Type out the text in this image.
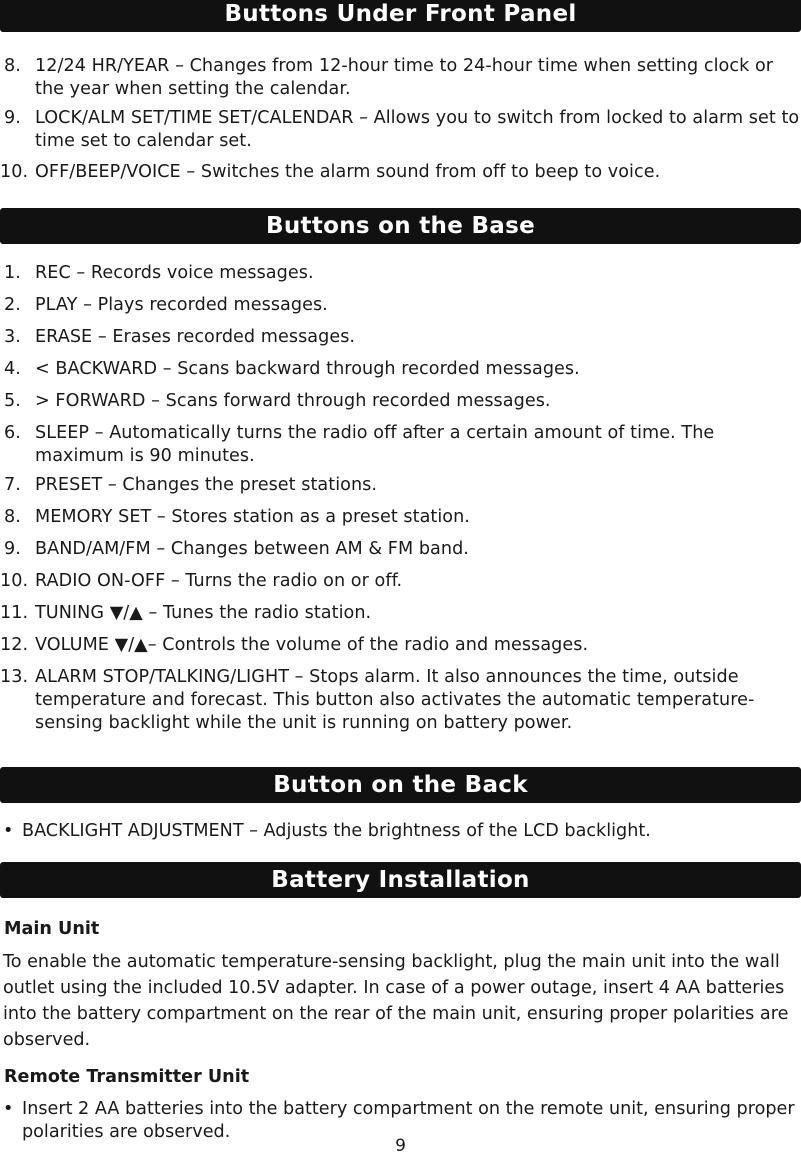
Buttons Under Front Panel
8. 12/24 HR/YEAR – Changes from 12-hour time to 24-hour time when setting clock or the year when setting the calendar.
9. LOCK/ALM SET/TIME SET/CALENDAR – Allows you to switch from locked to alarm set to time set to calendar set.
10. OFF/BEEP/VOICE – Switches the alarm sound from off to beep to voice.
Buttons on the Base
1. REC – Records voice messages.
2. PLAY – Plays recorded messages.
3. ERASE – Erases recorded messages.
4. < BACKWARD – Scans backward through recorded messages.
5. > FORWARD – Scans forward through recorded messages.
6. SLEEP – Automatically turns the radio off after a certain amount of time. The maximum is 90 minutes.
7. PRESET – Changes the preset stations.
8. MEMORY SET – Stores station as a preset station.
9. BAND/AM/FM – Changes between AM & FM band.
10. RADIO ON-OFF – Turns the radio on or off.
11. TUNING ▼/▲ – Tunes the radio station.
12. VOLUME ▼/▲– Controls the volume of the radio and messages.
13. ALARM STOP/TALKING/LIGHT – Stops alarm. It also announces the time, outside temperature and forecast. This button also activates the automatic temperature-sensing backlight while the unit is running on battery power.
Button on the Back
• BACKLIGHT ADJUSTMENT – Adjusts the brightness of the LCD backlight.
Battery Installation
Main Unit

To enable the automatic temperature-sensing backlight, plug the main unit into the wall outlet using the included 10.5V adapter. In case of a power outage, insert 4 AA batteries into the battery compartment on the rear of the main unit, ensuring proper polarities are observed.

Remote Transmitter Unit
• Insert 2 AA batteries into the battery compartment on the remote unit, ensuring proper polarities are observed.
9
